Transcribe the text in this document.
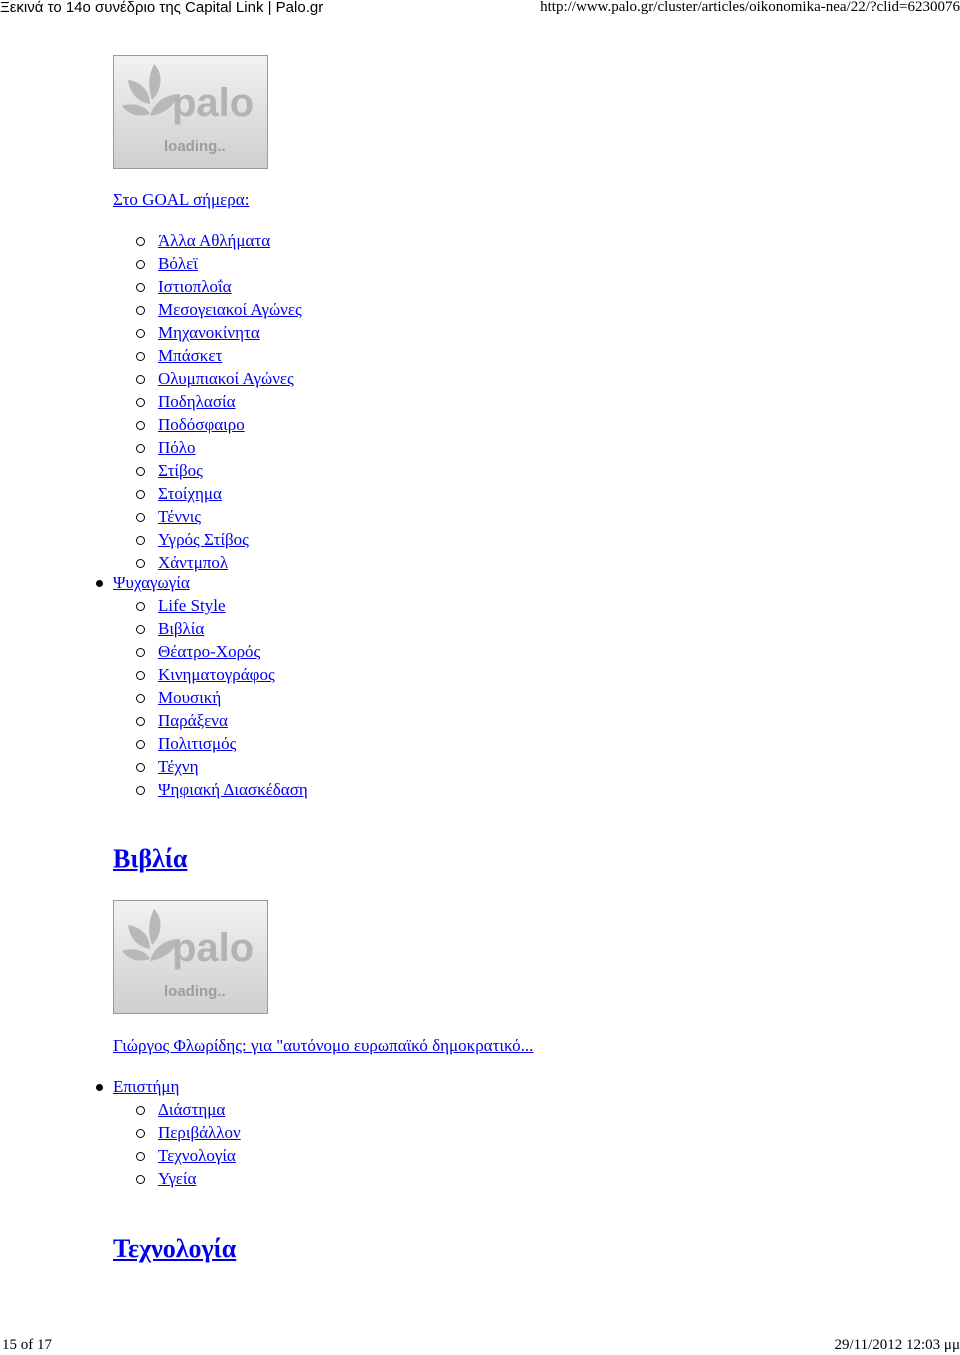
Ξεκινά το 14ο συνέδριο της Capital Link | Palo.gr	http://www.palo.gr/cluster/articles/oikonomika-nea/22/?clid=6230076
palo
loading..
Στο GOAL σήμερα:
Άλλα Αθλήματα
Βόλεϊ
Ιστιοπλοΐα
Μεσογειακοί Αγώνες
Μηχανοκίνητα
Μπάσκετ
Ολυμπιακοί Αγώνες
Ποδηλασία
Ποδόσφαιρο
Πόλο
Στίβος
Στοίχημα
Τέννις
Υγρός Στίβος
Χάντμπολ
Ψυχαγωγία
Life Style
Βιβλία
Θέατρο-Χορός
Κινηματογράφος
Μουσική
Παράξενα
Πολιτισμός
Τέχνη
Ψηφιακή Διασκέδαση
Βιβλία
palo
loading..
Γιώργος Φλωρίδης: για "αυτόνομο ευρωπαϊκό δημοκρατικό...
Επιστήμη
Διάστημα
Περιβάλλον
Τεχνολογία
Υγεία
Τεχνολογία
15 of 17	29/11/2012 12:03 μμ
